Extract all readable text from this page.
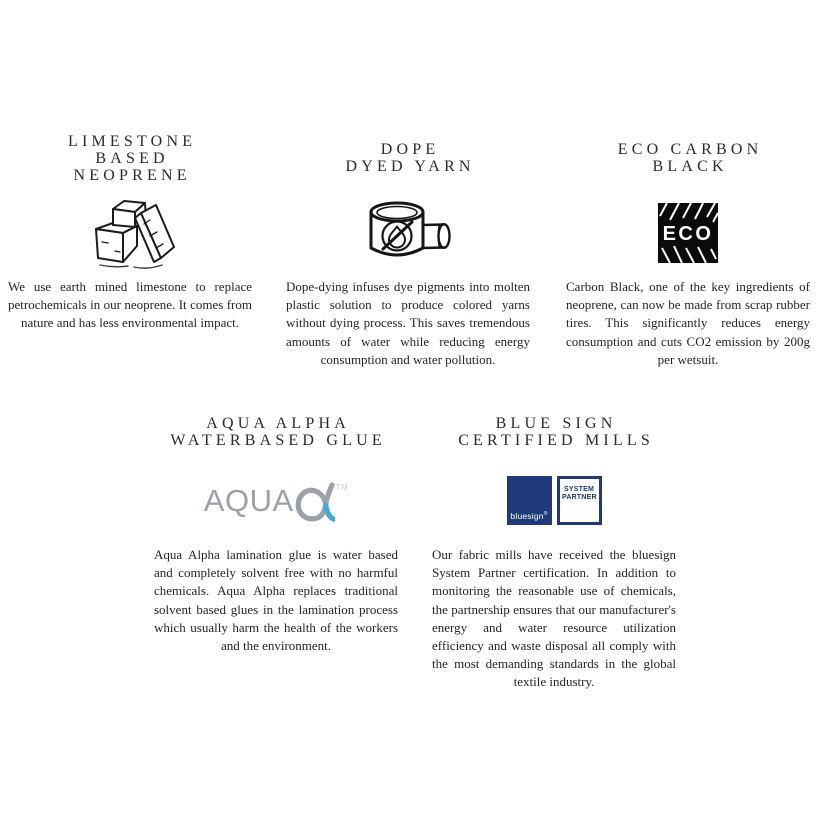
LIMESTONE
BASED
NEOPRENE

We use earth mined limestone to replace petrochemicals in our neoprene. It comes from nature and has less environmental impact.

DOPE
DYED YARN

Dope-dying infuses dye pigments into molten plastic solution to produce colored yarns without dying process. This saves tremendous amounts of water while reducing energy consumption and water pollution.

ECO CARBON
BLACK
ECO

Carbon Black, one of the key ingredients of neoprene, can now be made from scrap rubber tires. This significantly reduces energy consumption and cuts CO2 emission by 200g per wetsuit.

AQUA ALPHA
WATERBASED GLUE
AQUA	TM

Aqua Alpha lamination glue is water based and completely solvent free with no harmful chemicals. Aqua Alpha replaces traditional solvent based glues in the lamination process which usually harm the health of the workers and the environment.

BLUE SIGN
CERTIFIED MILLS
bluesign®
SYSTEM PARTNER

Our fabric mills have received the bluesign System Partner certification. In addition to monitoring the reasonable use of chemicals, the partnership ensures that our manufacturer's energy and water resource utilization efficiency and waste disposal all comply with the most demanding standards in the global textile industry.
